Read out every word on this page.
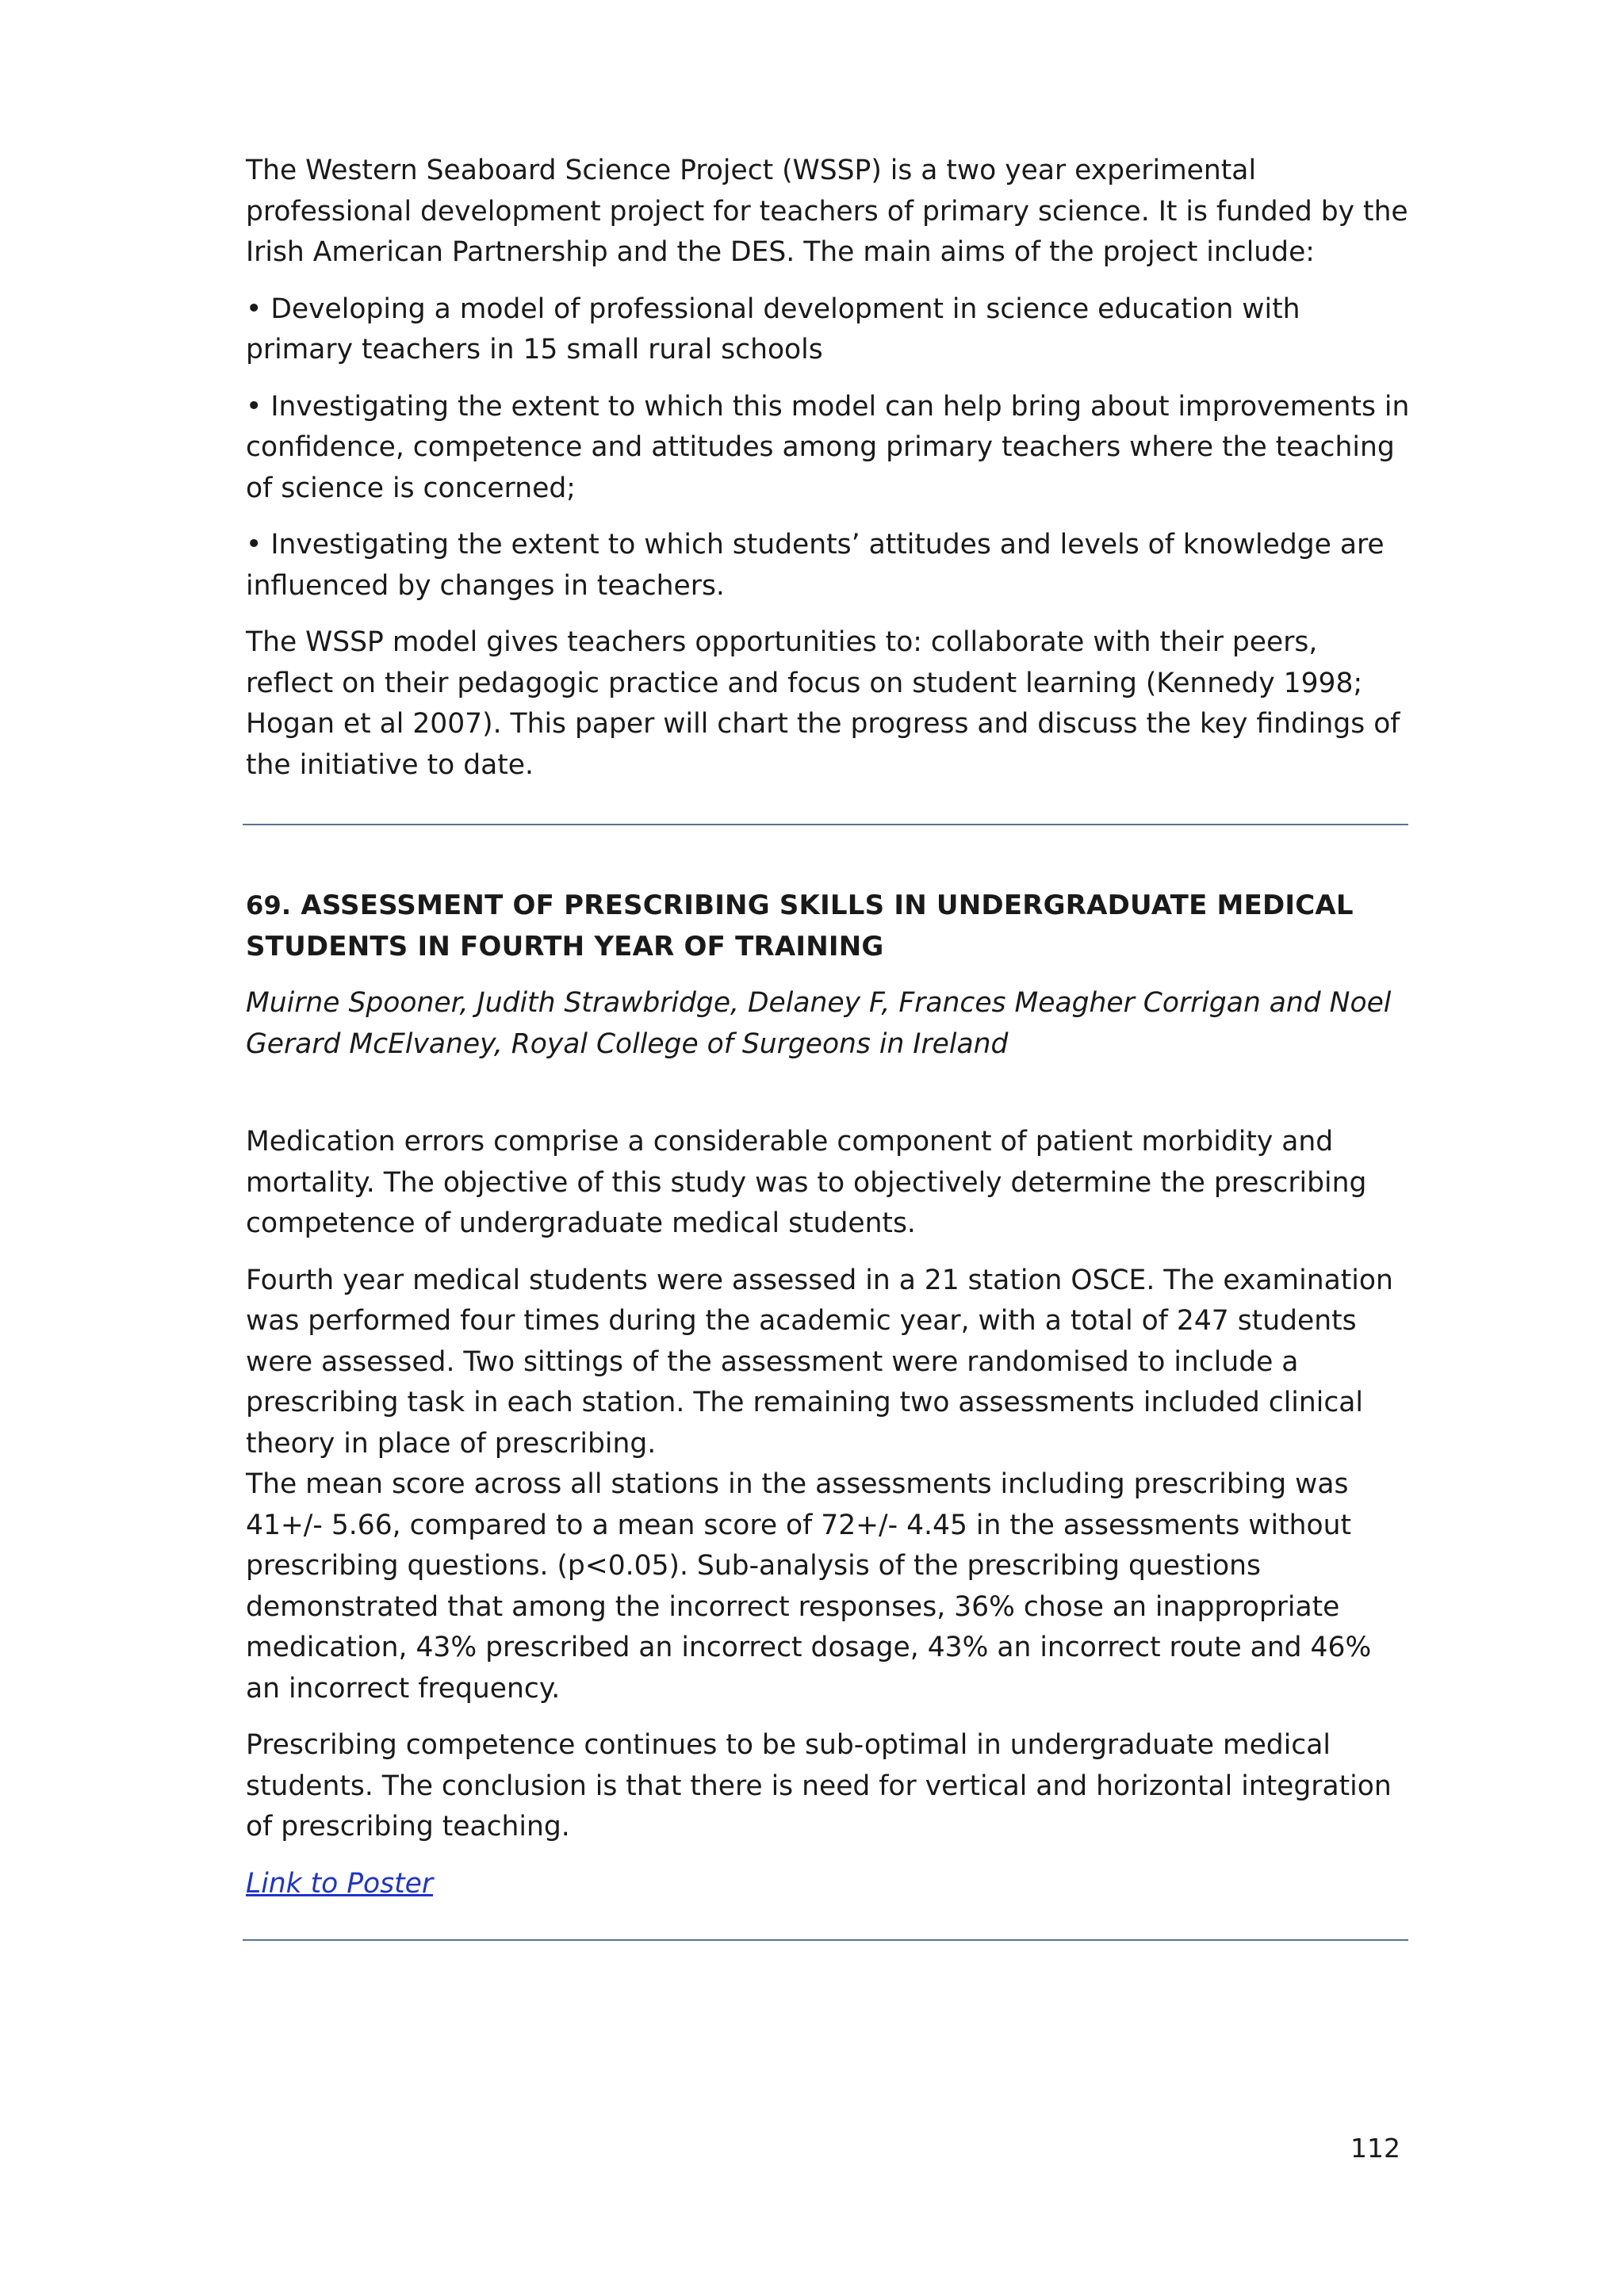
The Western Seaboard Science Project (WSSP) is a two year experimental professional development project for teachers of primary science. It is funded by the Irish American Partnership and the DES. The main aims of the project include:

• Developing a model of professional development in science education with primary teachers in 15 small rural schools

• Investigating the extent to which this model can help bring about improvements in confidence, competence and attitudes among primary teachers where the teaching of science is concerned;

• Investigating the extent to which students’ attitudes and levels of knowledge are influenced by changes in teachers.

The WSSP model gives teachers opportunities to: collaborate with their peers, reflect on their pedagogic practice and focus on student learning (Kennedy 1998; Hogan et al 2007). This paper will chart the progress and discuss the key findings of the initiative to date.

69. ASSESSMENT OF PRESCRIBING SKILLS IN UNDERGRADUATE MEDICAL STUDENTS IN FOURTH YEAR OF TRAINING

Muirne Spooner, Judith Strawbridge, Delaney F, Frances Meagher Corrigan and Noel Gerard McElvaney, Royal College of Surgeons in Ireland

Medication errors comprise a considerable component of patient morbidity and mortality. The objective of this study was to objectively determine the prescribing competence of undergraduate medical students.

Fourth year medical students were assessed in a 21 station OSCE. The examination was performed four times during the academic year, with a total of 247 students were assessed. Two sittings of the assessment were randomised to include a prescribing task in each station. The remaining two assessments included clinical theory in place of prescribing.

The mean score across all stations in the assessments including prescribing was 41+/- 5.66, compared to a mean score of 72+/- 4.45 in the assessments without prescribing questions. (p<0.05). Sub-analysis of the prescribing questions demonstrated that among the incorrect responses, 36% chose an inappropriate medication, 43% prescribed an incorrect dosage, 43% an incorrect route and 46% an incorrect frequency.

Prescribing competence continues to be sub-optimal in undergraduate medical students. The conclusion is that there is need for vertical and horizontal integration of prescribing teaching.

Link to Poster

112
